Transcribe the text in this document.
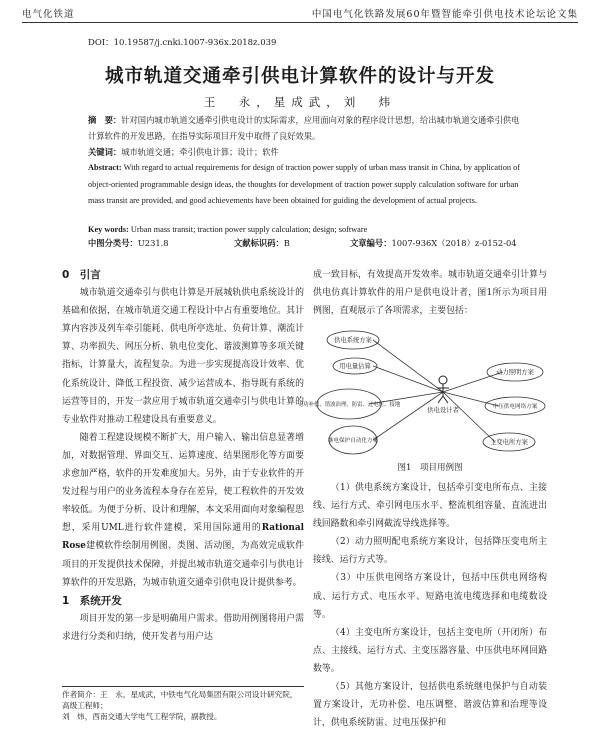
电气化铁道	中国电气化铁路发展60年暨智能牵引供电技术论坛论文集
DOI：10.19587/j.cnki.1007-936x.2018z.039
城市轨道交通牵引供电计算软件的设计与开发
王　永，星成武，刘　炜
摘　要：针对国内城市轨道交通牵引供电设计的实际需求，应用面向对象的程序设计思想，给出城市轨道交通牵引供电计算软件的开发思路，在指导实际项目开发中取得了良好效果。
关键词：城市轨道交通；牵引供电计算；设计；软件
Abstract: With regard to actual requirements for design of traction power supply of urban mass transit in China, by application of object-oriented programmable design ideas, the thoughts for development of traction power supply calculation software for urban mass transit are provided, and good achievements have been obtained for guiding the development of actual projects.
Key words: Urban mass transit; traction power supply calculation; design; software
中图分类号：U231.8	文献标识码：B	文章编号：1007-936X（2018）z-0152-04

0　引言

城市轨道交通牵引与供电计算是开展城轨供电系统设计的基础和依据，在城市轨道交通工程设计中占有重要地位。其计算内容涉及列车牵引能耗、供电所亭选址、负荷计算、潮流计算、功率损失、网压分析、轨电位变化、谐波测算等多项关键指标，计算量大，流程复杂。为进一步实现提高设计效率、优化系统设计、降低工程投资、减少运营成本、指导既有系统的运营等目的，开发一款应用于城市轨道交通牵引与供电计算的专业软件对推动工程建设具有重要意义。

随着工程建设规模不断扩大，用户输入、输出信息显著增加，对数据管理、界面交互、运算速度、结果图形化等方面要求愈加严格，软件的开发难度加大。另外，由于专业软件的开发过程与用户的业务流程本身存在差异，使工程软件的开发效率较低。为便于分析、设计和理解，本文采用面向对象编程思想，采用UML进行软件建模，采用国际通用的Rational Rose建模软件绘制用例图、类图、活动图，为高效完成软件项目的开发提供技术保障，并提出城市轨道交通牵引与供电计算软件的开发思路，为城市轨道交通牵引供电设计提供参考。

1　系统开发

项目开发的第一步是明确用户需求。借助用例图将用户需求进行分类和归纳，使开发者与用户达

作者简介：王　永，星成武，中铁电气化局集团有限公司设计研究院，高级工程师；
刘　炜，西南交通大学电气工程学院，副教授。

成一致目标，有效提高开发效率。城市轨道交通牵引计算与供电仿真计算软件的用户是供电设计者，图1所示为项目用例图，直观展示了各项需求，主要包括：

供电设计者
供电系统方案
用电量估算
动力照明方案
无功补偿、谐波治理、防雷、过电压、接地	中压供电网络方案
继电保护自动化方案	主变电所方案
图1　项目用例图

（1）供电系统方案设计，包括牵引变电所布点、主接线、运行方式、牵引网电压水平、整流机组容量、直流进出线回路数和牵引网截流导线选择等。

（2）动力照明配电系统方案设计，包括降压变电所主接线、运行方式等。

（3）中压供电网络方案设计，包括中压供电网络构成、运行方式、电压水平、短路电流电缆选择和电缆数设等。

（4）主变电所方案设计，包括主变电所（开闭所）布点、主接线、运行方式、主变压器容量、中压供电环网回路数等。

（5）其他方案设计，包括供电系统继电保护与自动装置方案设计，无功补偿、电压调整、谐波估算和治理等设计，供电系统防雷、过电压保护和
